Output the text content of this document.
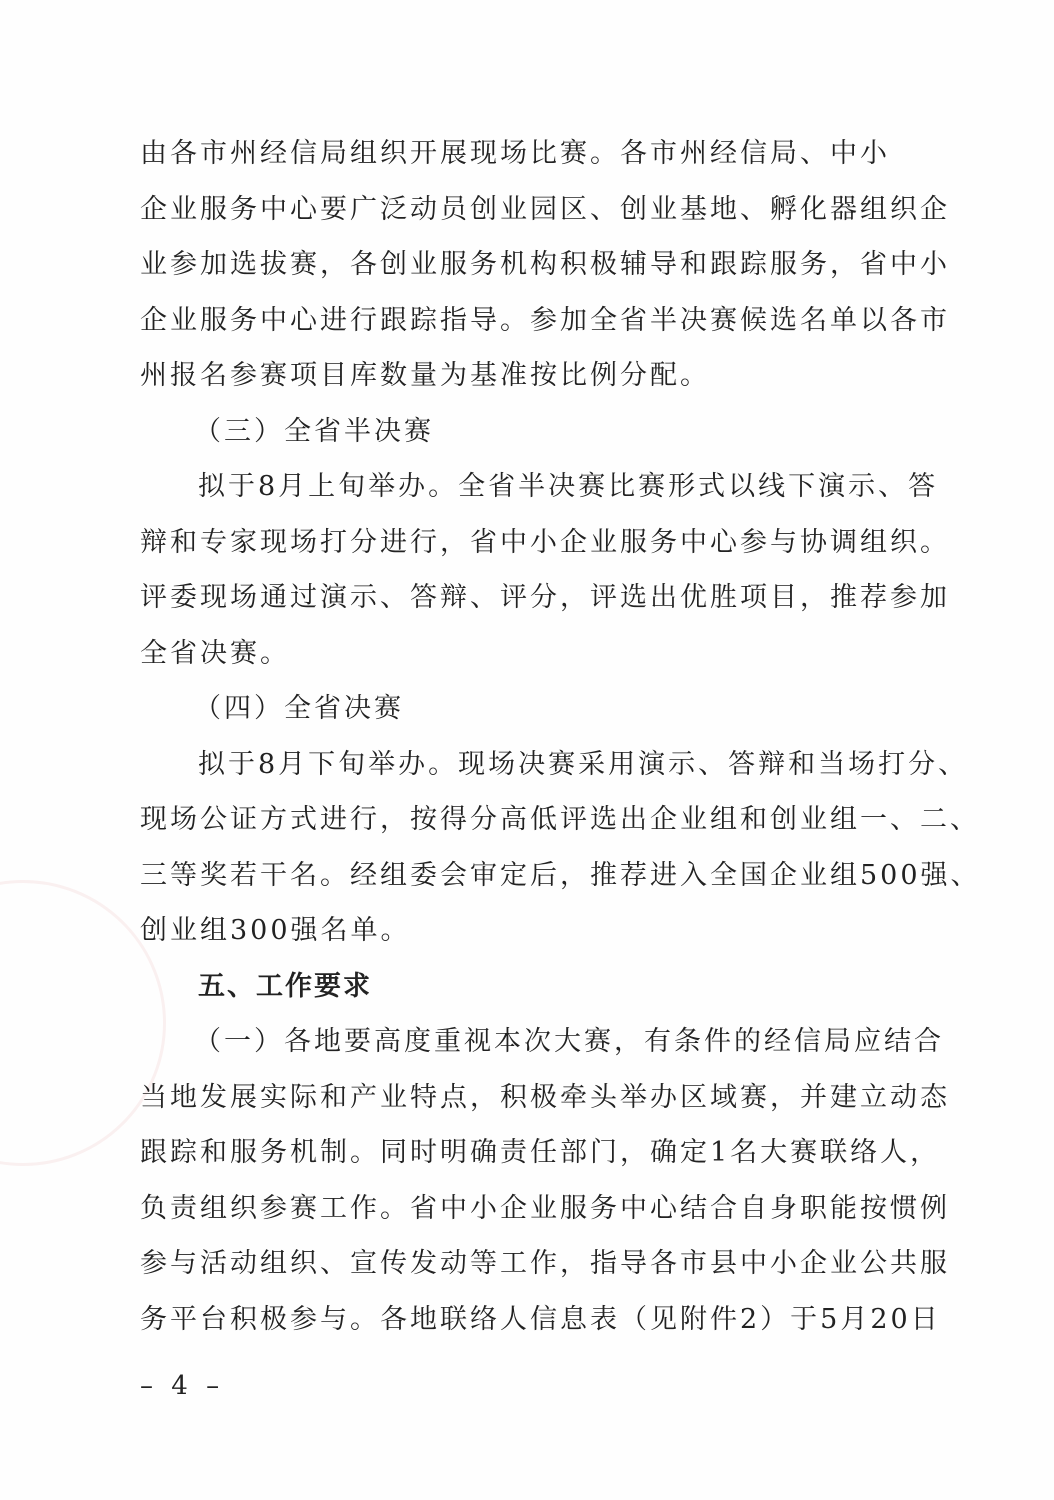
由各市州经信局组织开展现场比赛。各市州经信局、中小
企业服务中心要广泛动员创业园区、创业基地、孵化器组织企
业参加选拔赛，各创业服务机构积极辅导和跟踪服务，省中小
企业服务中心进行跟踪指导。参加全省半决赛候选名单以各市
州报名参赛项目库数量为基准按比例分配。
（三）全省半决赛
拟于8月上旬举办。全省半决赛比赛形式以线下演示、答
辩和专家现场打分进行，省中小企业服务中心参与协调组织。
评委现场通过演示、答辩、评分，评选出优胜项目，推荐参加
全省决赛。
（四）全省决赛
拟于8月下旬举办。现场决赛采用演示、答辩和当场打分、
现场公证方式进行，按得分高低评选出企业组和创业组一、二、
三等奖若干名。经组委会审定后，推荐进入全国企业组500强、
创业组300强名单。
五、工作要求
（一）各地要高度重视本次大赛，有条件的经信局应结合
当地发展实际和产业特点，积极牵头举办区域赛，并建立动态
跟踪和服务机制。同时明确责任部门，确定1名大赛联络人，
负责组织参赛工作。省中小企业服务中心结合自身职能按惯例
参与活动组织、宣传发动等工作，指导各市县中小企业公共服
务平台积极参与。各地联络人信息表（见附件2）于5月20日
– 4 –
